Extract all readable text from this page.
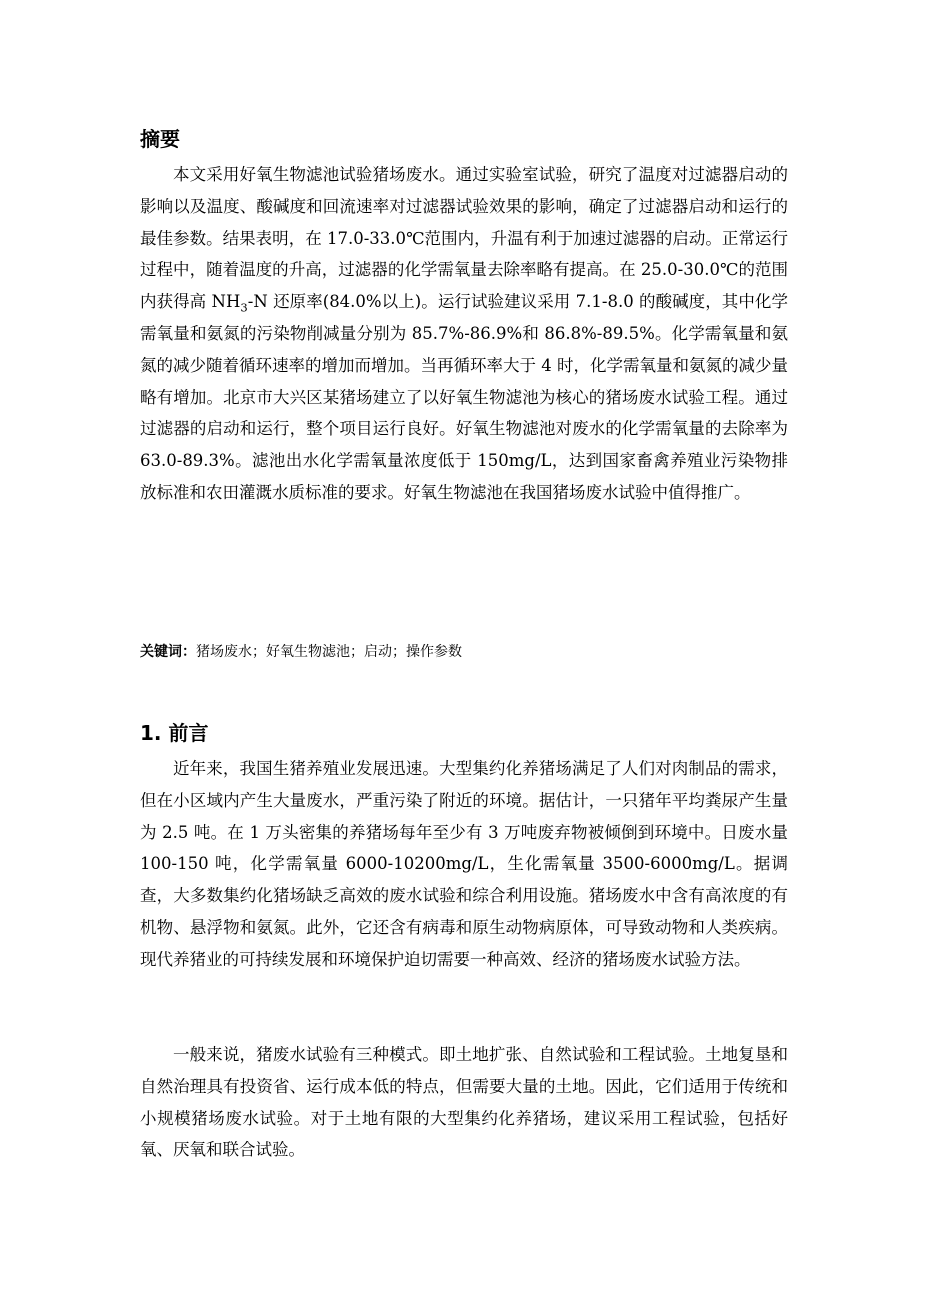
摘要

本文采用好氧生物滤池试验猪场废水。通过实验室试验，研究了温度对过滤器启动的影响以及温度、酸碱度和回流速率对过滤器试验效果的影响，确定了过滤器启动和运行的最佳参数。结果表明，在 17.0-33.0℃范围内，升温有利于加速过滤器的启动。正常运行过程中，随着温度的升高，过滤器的化学需氧量去除率略有提高。在 25.0-30.0℃的范围内获得高 $NH_3-N$ 还原率(84.0%以上)。运行试验建议采用 7.1-8.0 的酸碱度，其中化学需氧量和氨氮的污染物削减量分别为 85.7%-86.9%和 86.8%-89.5%。化学需氧量和氨氮的减少随着循环速率的增加而增加。当再循环率大于 4 时，化学需氧量和氨氮的减少量略有增加。北京市大兴区某猪场建立了以好氧生物滤池为核心的猪场废水试验工程。通过过滤器的启动和运行，整个项目运行良好。好氧生物滤池对废水的化学需氧量的去除率为 63.0-89.3%。滤池出水化学需氧量浓度低于 150mg/L，达到国家畜禽养殖业污染物排放标准和农田灌溉水质标准的要求。好氧生物滤池在我国猪场废水试验中值得推广。

关键词：猪场废水；好氧生物滤池；启动；操作参数

1. 前言

近年来，我国生猪养殖业发展迅速。大型集约化养猪场满足了人们对肉制品的需求，但在小区域内产生大量废水，严重污染了附近的环境。据估计，一只猪年平均粪尿产生量为 2.5 吨。在 1 万头密集的养猪场每年至少有 3 万吨废弃物被倾倒到环境中。日废水量 100-150 吨，化学需氧量 6000-10200mg/L，生化需氧量 3500-6000mg/L。据调查，大多数集约化猪场缺乏高效的废水试验和综合利用设施。猪场废水中含有高浓度的有机物、悬浮物和氨氮。此外，它还含有病毒和原生动物病原体，可导致动物和人类疾病。现代养猪业的可持续发展和环境保护迫切需要一种高效、经济的猪场废水试验方法。

一般来说，猪废水试验有三种模式。即土地扩张、自然试验和工程试验。土地复垦和自然治理具有投资省、运行成本低的特点，但需要大量的土地。因此，它们适用于传统和小规模猪场废水试验。对于土地有限的大型集约化养猪场，建议采用工程试验，包括好氧、厌氧和联合试验。
